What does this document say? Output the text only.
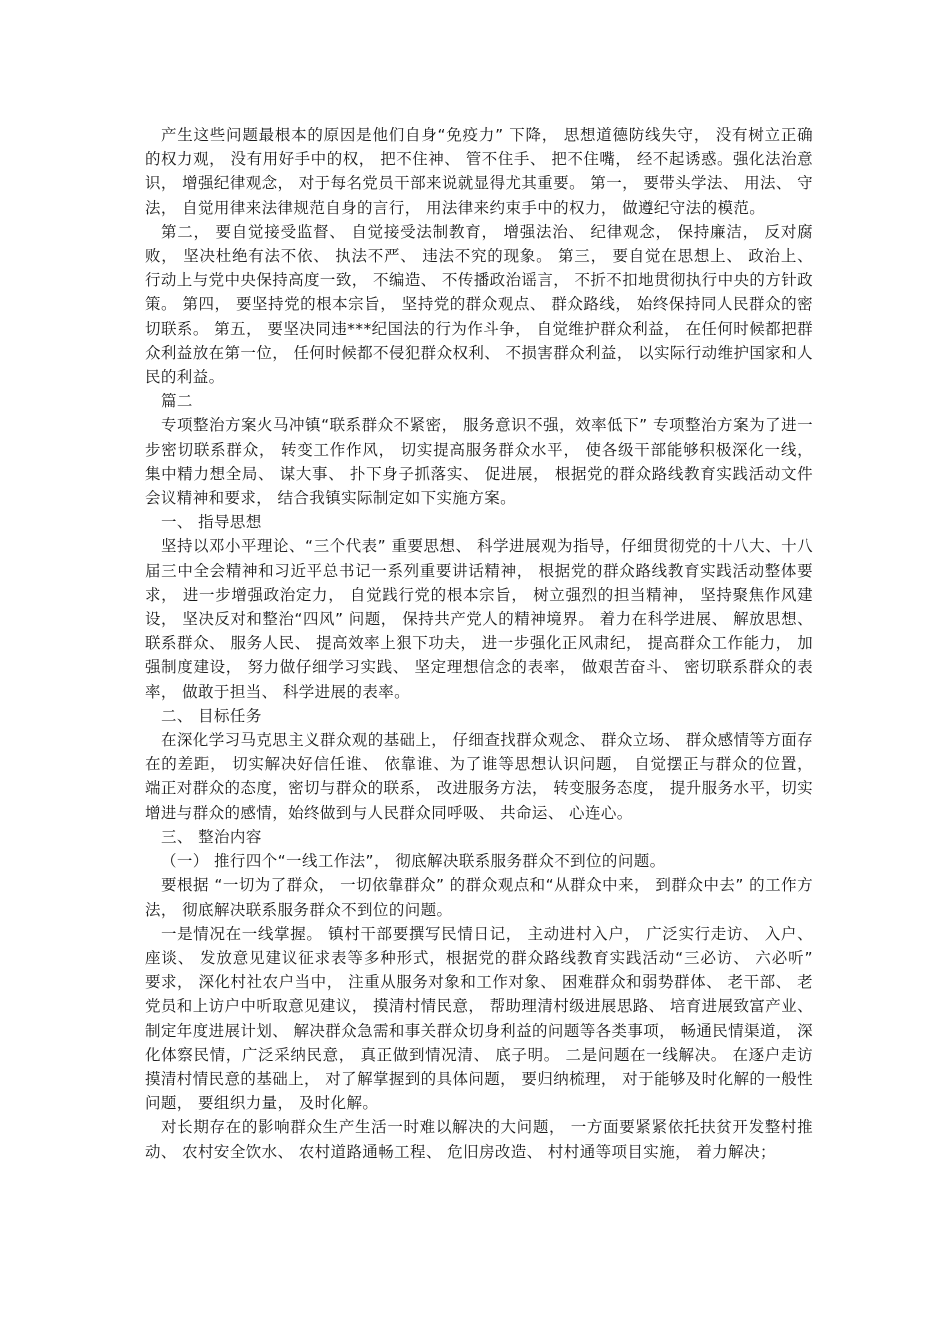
产生这些问题最根本的原因是他们自身“免疫力” 下降， 思想道德防线失守， 没有树立正确的权力观， 没有用好手中的权， 把不住神、 管不住手、 把不住嘴， 经不起诱惑。强化法治意识， 增强纪律观念， 对于每名党员干部来说就显得尤其重要。 第一， 要带头学法、 用法、 守法， 自觉用律来法律规范自身的言行， 用法律来约束手中的权力， 做遵纪守法的模范。

第二， 要自觉接受监督、 自觉接受法制教育， 增强法治、 纪律观念， 保持廉洁， 反对腐败， 坚决杜绝有法不依、 执法不严、 违法不究的现象。 第三， 要自觉在思想上、 政治上、 行动上与党中央保持高度一致， 不编造、 不传播政治谣言， 不折不扣地贯彻执行中央的方针政策。 第四， 要坚持党的根本宗旨， 坚持党的群众观点、 群众路线， 始终保持同人民群众的密切联系。 第五， 要坚决同违***纪国法的行为作斗争， 自觉维护群众利益， 在任何时候都把群众利益放在第一位， 任何时候都不侵犯群众权利、 不损害群众利益， 以实际行动维护国家和人民的利益。

篇二

专项整治方案火马冲镇“联系群众不紧密， 服务意识不强，效率低下” 专项整治方案为了进一步密切联系群众， 转变工作作风， 切实提高服务群众水平， 使各级干部能够积极深化一线， 集中精力想全局、 谋大事、 扑下身子抓落实、 促进展， 根据党的群众路线教育实践活动文件会议精神和要求， 结合我镇实际制定如下实施方案。

一、 指导思想

坚持以邓小平理论、“三个代表” 重要思想、 科学进展观为指导，仔细贯彻党的十八大、十八届三中全会精神和习近平总书记一系列重要讲话精神， 根据党的群众路线教育实践活动整体要求， 进一步增强政治定力， 自觉践行党的根本宗旨， 树立强烈的担当精神， 坚持聚焦作风建设， 坚决反对和整治“四风” 问题， 保持共产党人的精神境界。 着力在科学进展、 解放思想、 联系群众、 服务人民、 提高效率上狠下功夫， 进一步强化正风肃纪， 提高群众工作能力， 加强制度建设， 努力做仔细学习实践、 坚定理想信念的表率， 做艰苦奋斗、 密切联系群众的表率， 做敢于担当、 科学进展的表率。

二、 目标任务

在深化学习马克思主义群众观的基础上， 仔细查找群众观念、 群众立场、 群众感情等方面存在的差距， 切实解决好信任谁、 依靠谁、为了谁等思想认识问题， 自觉摆正与群众的位置， 端正对群众的态度，密切与群众的联系， 改进服务方法， 转变服务态度， 提升服务水平，切实增进与群众的感情，始终做到与人民群众同呼吸、 共命运、 心连心。

三、 整治内容

（一） 推行四个“一线工作法”， 彻底解决联系服务群众不到位的问题。

要根据 “一切为了群众， 一切依靠群众” 的群众观点和“从群众中来， 到群众中去” 的工作方法， 彻底解决联系服务群众不到位的问题。

一是情况在一线掌握。 镇村干部要撰写民情日记， 主动进村入户， 广泛实行走访、 入户、 座谈、 发放意见建议征求表等多种形式，根据党的群众路线教育实践活动“三必访、 六必听” 要求， 深化村社农户当中， 注重从服务对象和工作对象、 困难群众和弱势群体、 老干部、 老党员和上访户中听取意见建议， 摸清村情民意， 帮助理清村级进展思路、 培育进展致富产业、 制定年度进展计划、 解决群众急需和事关群众切身利益的问题等各类事项， 畅通民情渠道， 深化体察民情，广泛采纳民意， 真正做到情况清、 底子明。 二是问题在一线解决。 在逐户走访摸清村情民意的基础上， 对了解掌握到的具体问题， 要归纳梳理， 对于能够及时化解的一般性问题， 要组织力量， 及时化解。

对长期存在的影响群众生产生活一时难以解决的大问题， 一方面要紧紧依托扶贫开发整村推动、 农村安全饮水、 农村道路通畅工程、 危旧房改造、 村村通等项目实施， 着力解决；
